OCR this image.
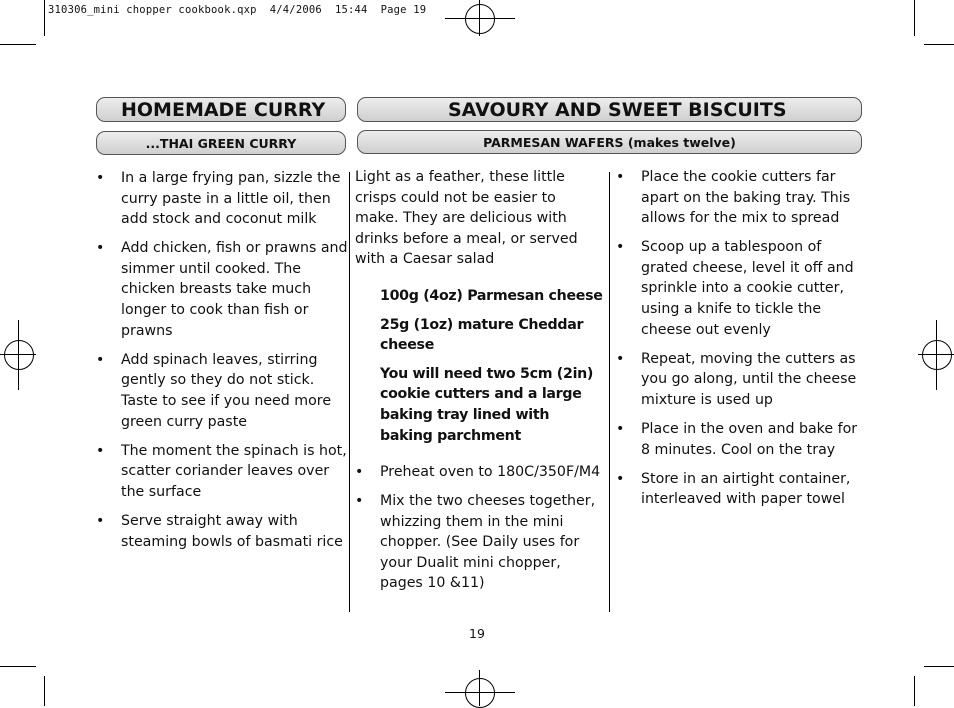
310306_mini chopper cookbook.qxp  4/4/2006  15:44  Page 19
HOMEMADE CURRY	SAVOURY AND SWEET BISCUITS
...THAI GREEN CURRY	PARMESAN WAFERS (makes twelve)
• In a large frying pan, sizzle the curry paste in a little oil, then add stock and coconut milk
• Add chicken, fish or prawns and simmer until cooked. The chicken breasts take much longer to cook than fish or prawns
• Add spinach leaves, stirring gently so they do not stick. Taste to see if you need more green curry paste
• The moment the spinach is hot, scatter coriander leaves over the surface
• Serve straight away with steaming bowls of basmati rice

Light as a feather, these little crisps could not be easier to make. They are delicious with drinks before a meal, or served with a Caesar salad

100g (4oz) Parmesan cheese

25g (1oz) mature Cheddar cheese

You will need two 5cm (2in) cookie cutters and a large baking tray lined with baking parchment

• Preheat oven to 180C/350F/M4
• Mix the two cheeses together, whizzing them in the mini chopper. (See Daily uses for your Dualit mini chopper, pages 10 &11)
• Place the cookie cutters far apart on the baking tray. This allows for the mix to spread
• Scoop up a tablespoon of grated cheese, level it off and sprinkle into a cookie cutter, using a knife to tickle the cheese out evenly
• Repeat, moving the cutters as you go along, until the cheese mixture is used up
• Place in the oven and bake for 8 minutes. Cool on the tray
• Store in an airtight container, interleaved with paper towel
19
